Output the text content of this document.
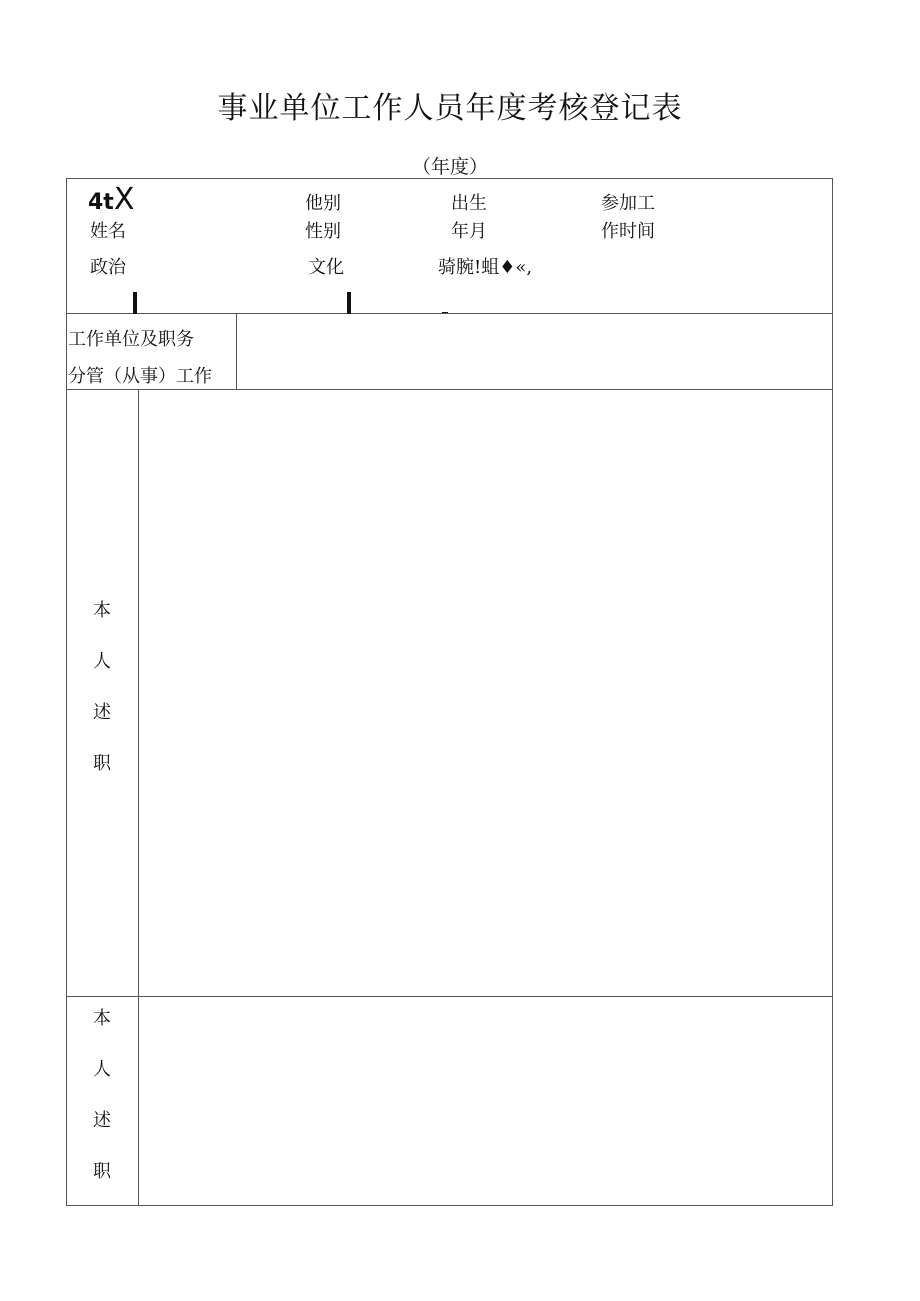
事业单位工作人员年度考核登记表
（年度）
4tX
姓名
他别
性别
出生
年月
参加工
作时间
政治	文化	骑腕!蛆♦«,
工作单位及职务
分管（从事）工作
本
人
述
职
本
人
述
职
